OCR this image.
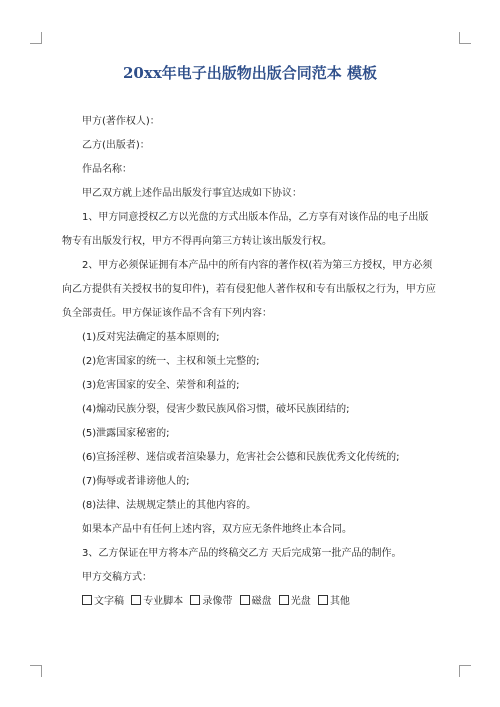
20xx年电子出版物出版合同范本 模板

甲方(著作权人)：

乙方(出版者)：

作品名称：

甲乙双方就上述作品出版发行事宜达成如下协议：

1、甲方同意授权乙方以光盘的方式出版本作品，乙方享有对该作品的电子出版

物专有出版发行权，甲方不得再向第三方转让该出版发行权。

2、甲方必须保证拥有本产品中的所有内容的著作权(若为第三方授权，甲方必须

向乙方提供有关授权书的复印件)，若有侵犯他人著作权和专有出版权之行为，甲方应

负全部责任。甲方保证该作品不含有下列内容：

(1)反对宪法确定的基本原则的;

(2)危害国家的统一、主权和领土完整的;

(3)危害国家的安全、荣誉和利益的;

(4)煽动民族分裂，侵害少数民族风俗习惯，破坏民族团结的;

(5)泄露国家秘密的;

(6)宣扬淫秽、迷信或者渲染暴力，危害社会公德和民族优秀文化传统的;

(7)侮辱或者诽谤他人的;

(8)法律、法规规定禁止的其他内容的。

如果本产品中有任何上述内容，双方应无条件地终止本合同。

3、乙方保证在甲方将本产品的终稿交乙方 天后完成第一批产品的制作。

甲方交稿方式：

文字稿 专业脚本 录像带 磁盘 光盘 其他
